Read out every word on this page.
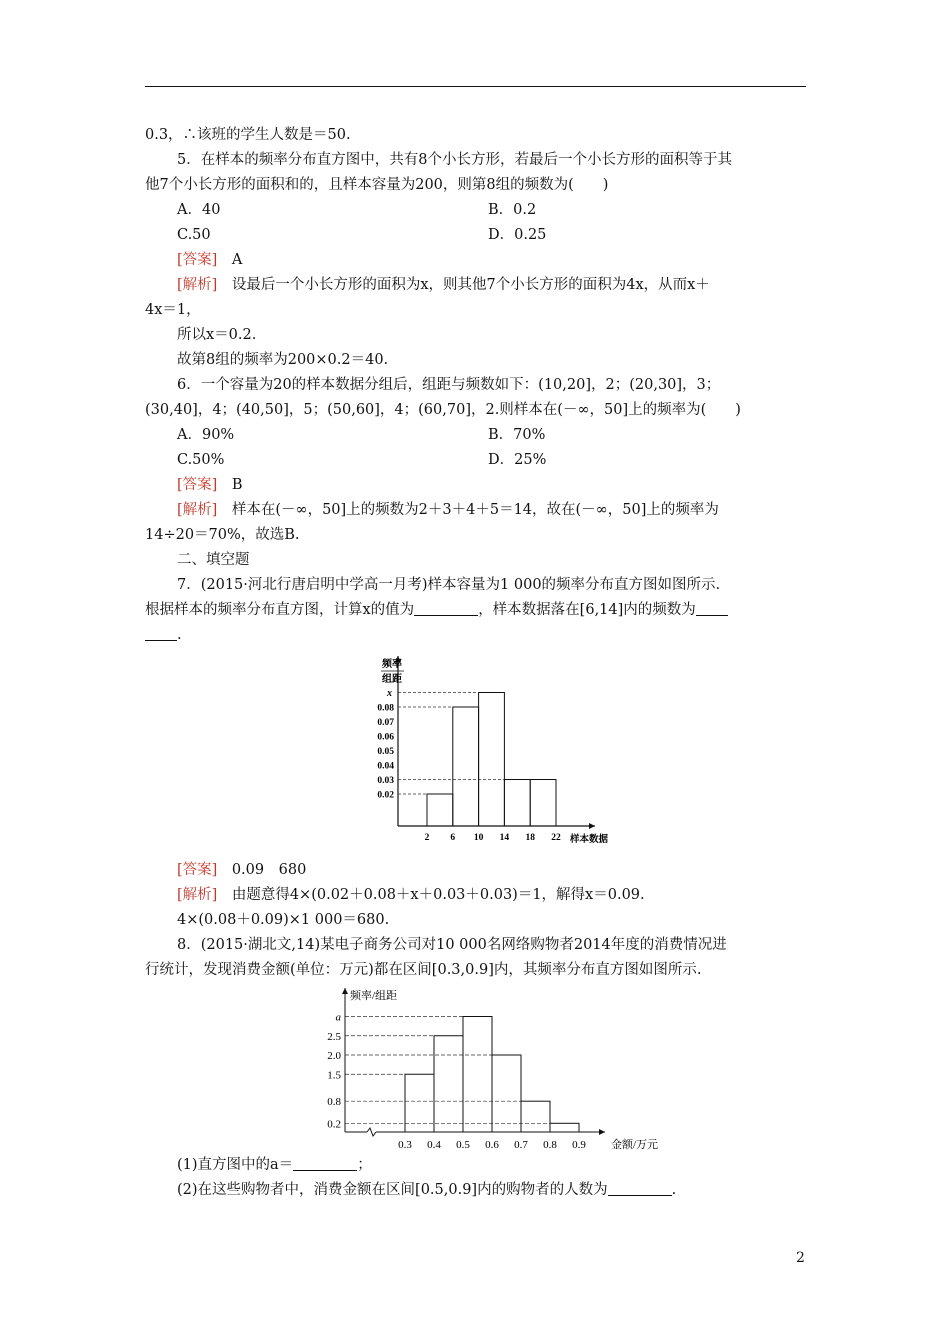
0.3，∴该班的学生人数是＝50.
5．在样本的频率分布直方图中，共有8个小长方形，若最后一个小长方形的面积等于其
他7个小长方形的面积和的，且样本容量为200，则第8组的频数为(　　)
A．40	B．0.2
C.50	D．0.25
[答案]　 A
[解析]　 设最后一个小长方形的面积为x，则其他7个小长方形的面积为4x，从而x＋
4x＝1，
所以x＝0.2.
故第8组的频率为200×0.2＝40.
6．一个容量为20的样本数据分组后，组距与频数如下：(10,20]，2；(20,30]，3；
(30,40]，4；(40,50]，5；(50,60]，4；(60,70]，2.则样本在(－∞，50]上的频率为(　　)
A．90%	B．70%
C.50%	D．25%
[答案]　 B
[解析]　 样本在(－∞，50]上的频数为2＋3＋4＋5＝14，故在(－∞，50]上的频率为
14÷20＝70%，故选B.
二、填空题
7．(2015·河北行唐启明中学高一月考)样本容量为1 000的频率分布直方图如图所示.
根据样本的频率分布直方图，计算x的值为	，样本数据落在[6,14]内的频数为
.
频率
组距
0.02
0.03
0.04
0.05
0.06
0.07
0.08
x
2 6 10 14 18 22 样本数据
[答案]　 0.09　680
[解析]　 由题意得4×(0.02＋0.08＋x＋0.03＋0.03)＝1，解得x＝0.09.
4×(0.08＋0.09)×1 000＝680.
8．(2015·湖北文,14)某电子商务公司对10 000名网络购物者2014年度的消费情况进
行统计，发现消费金额(单位：万元)都在区间[0.3,0.9]内，其频率分布直方图如图所示.
频率/组距
0.2
0.8
1.5
2.0
2.5
a
0.3 0.4 0.5 0.6 0.7 0.8 0.9 金额/万元
(1)直方图中的a＝	；
(2)在这些购物者中，消费金额在区间[0.5,0.9]内的购物者的人数为	.
2
